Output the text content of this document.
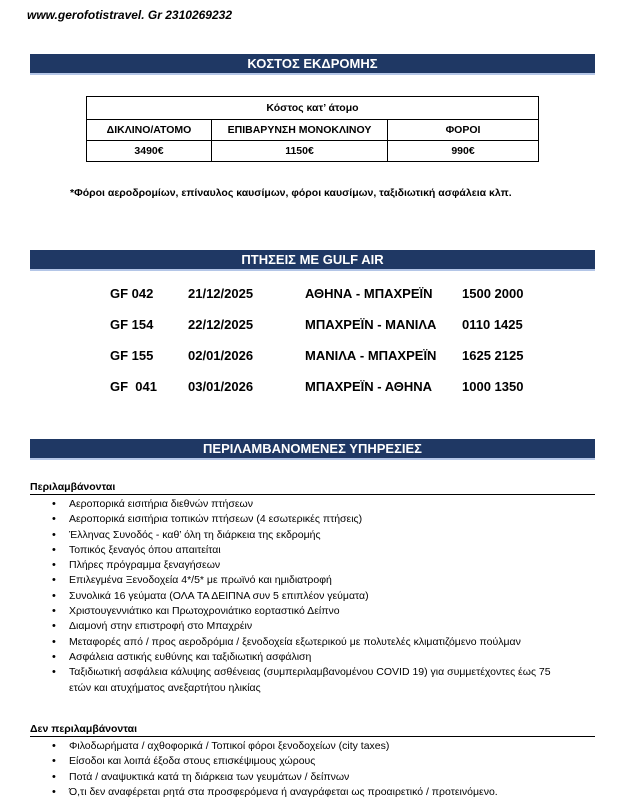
www.gerofotistravel. Gr 2310269232
ΚΟΣΤΟΣ ΕΚΔΡΟΜΗΣ
Κόστος κατ’ άτομο		
ΔΙΚΛΙΝΟ/ΑΤΟΜΟ	ΕΠΙΒΑΡΥΝΣΗ ΜΟΝΟΚΛΙΝΟΥ	ΦΟΡΟΙ
3490€	1150€	990€
*Φόροι αεροδρομίων, επίναυλος καυσίμων, φόροι καυσίμων, ταξιδιωτική ασφάλεια κλπ.
ΠΤΗΣΕΙΣ ΜΕ GULF AIR
GF 042	21/12/2025	ΑΘΗΝΑ - ΜΠΑΧΡΕΪΝ 1500 2000
GF 154	22/12/2025	ΜΠΑΧΡΕΪΝ - ΜΑΝΙΛΑ 0110 1425
GF 155	02/01/2026	ΜΑΝΙΛΑ - ΜΠΑΧΡΕΪΝ 1625 2125
GF  041 03/01/2026	ΜΠΑΧΡΕΪΝ - ΑΘΗΝΑ 1000 1350
ΠΕΡΙΛΑΜΒΑΝΟΜΕΝΕΣ ΥΠΗΡΕΣΙΕΣ
Περιλαμβάνονται
• Αεροπορικά εισιτήρια διεθνών πτήσεων
• Αεροπορικά εισιτήρια τοπικών πτήσεων (4 εσωτερικές πτήσεις)
• Έλληνας Συνοδός - καθ’ όλη τη διάρκεια της εκδρομής
• Τοπικός ξεναγός όπου απαιτείται
• Πλήρες πρόγραμμα ξεναγήσεων
• Επιλεγμένα Ξενοδοχεία 4*/5* με πρωϊνό και ημιδιατροφή
• Συνολικά 16 γεύματα (ΟΛΑ ΤΑ ΔΕΙΠΝΑ συν 5 επιπλέον γεύματα)
• Χριστουγεννιάτικο και Πρωτοχρονιάτικο εορταστικό Δείπνο
• Διαμονή στην επιστροφή στο Μπαχρέιν
• Μεταφορές από / προς αεροδρόμια / ξενοδοχεία εξωτερικού με πολυτελές κλιματιζόμενο πούλμαν
• Ασφάλεια αστικής ευθύνης και ταξιδιωτική ασφάλιση
• Ταξιδιωτική ασφάλεια κάλυψης ασθένειας (συμπεριλαμβανομένου COVID 19) για συμμετέχοντες έως 75 ετών και ατυχήματος ανεξαρτήτου ηλικίας
Δεν περιλαμβάνονται
• Φιλοδωρήματα / αχθοφορικά / Τοπικοί φόροι ξενοδοχείων (city taxes)
• Είσοδοι και λοιπά έξοδα στους επισκέψιμους χώρους
• Ποτά / αναψυκτικά κατά τη διάρκεια των γευμάτων / δείπνων
• Ό,τι δεν αναφέρεται ρητά στα προσφερόμενα ή αναγράφεται ως προαιρετικό / προτεινόμενο.
